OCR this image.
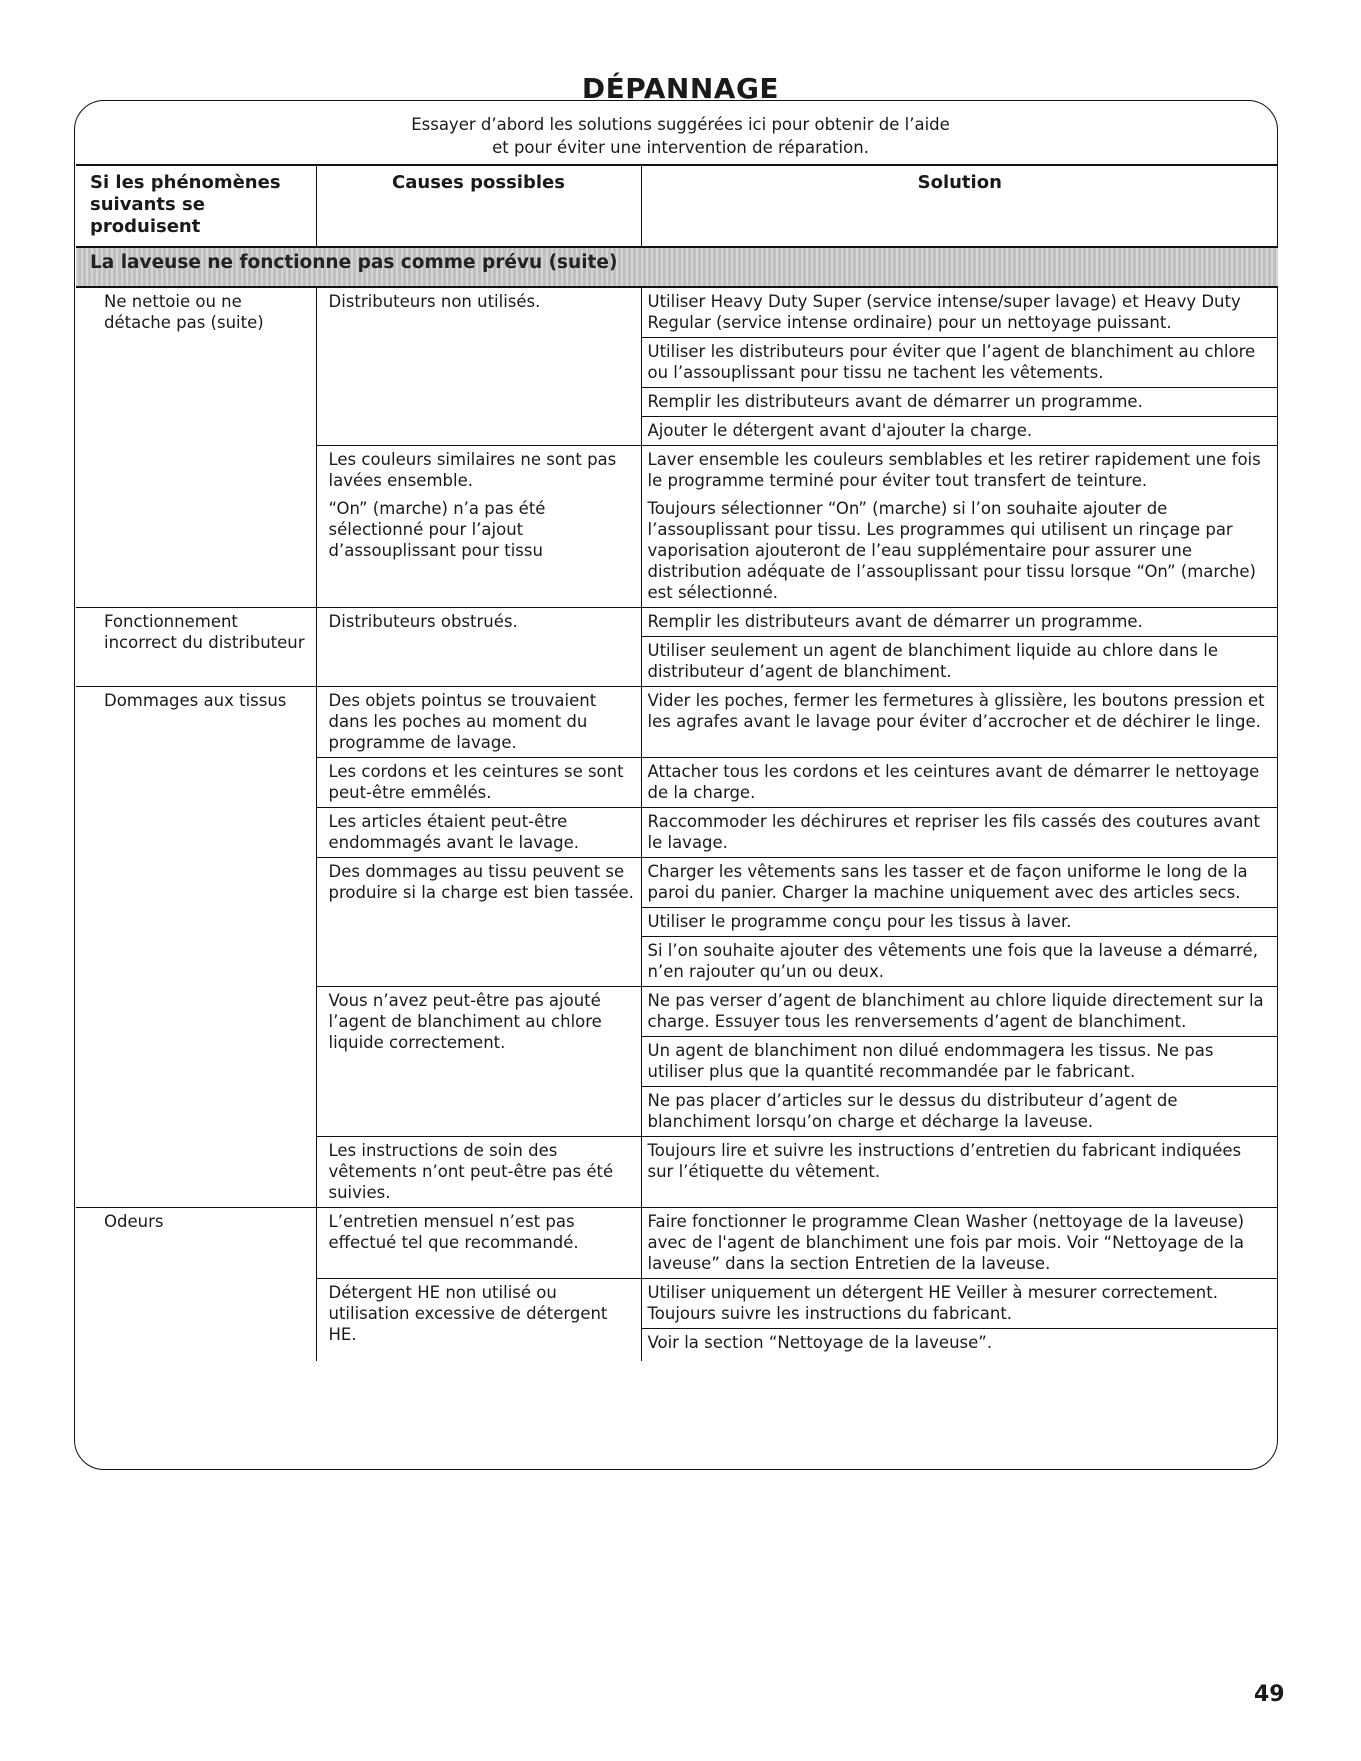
DÉPANNAGE
Essayer d’abord les solutions suggérées ici pour obtenir de l’aide
et pour éviter une intervention de réparation.
Si les phénomènes
suivants se produisent	Causes possibles	Solution
La laveuse ne fonctionne pas comme prévu (suite)		
Ne nettoie ou ne détache pas (suite)	Distributeurs non utilisés.	Utiliser Heavy Duty Super (service intense/super lavage) et Heavy Duty Regular (service intense ordinaire) pour un nettoyage puissant.
		Utiliser les distributeurs pour éviter que l’agent de blanchiment au chlore ou l’assouplissant pour tissu ne tachent les vêtements.
		Remplir les distributeurs avant de démarrer un programme.
		Ajouter le détergent avant d'ajouter la charge.
	Les couleurs similaires ne sont pas lavées ensemble.	Laver ensemble les couleurs semblables et les retirer rapidement une fois le programme terminé pour éviter tout transfert de teinture.
	“On” (marche) n’a pas été sélectionné pour l’ajout d’assouplissant pour tissu	Toujours sélectionner “On” (marche) si l’on souhaite ajouter de l’assouplissant pour tissu. Les programmes qui utilisent un rinçage par vaporisation ajouteront de l’eau supplémentaire pour assurer une distribution adéquate de l’assouplissant pour tissu lorsque “On” (marche) est sélectionné.
Fonctionnement incorrect du distributeur	Distributeurs obstrués.	Remplir les distributeurs avant de démarrer un programme.
		Utiliser seulement un agent de blanchiment liquide au chlore dans le distributeur d’agent de blanchiment.
Dommages aux tissus	Des objets pointus se trouvaient dans les poches au moment du programme de lavage.	Vider les poches, fermer les fermetures à glissière, les boutons pression et les agrafes avant le lavage pour éviter d’accrocher et de déchirer le linge.
	Les cordons et les ceintures se sont peut-être emmêlés.	Attacher tous les cordons et les ceintures avant de démarrer le nettoyage de la charge.
	Les articles étaient peut-être endommagés avant le lavage.	Raccommoder les déchirures et repriser les fils cassés des coutures avant le lavage.
	Des dommages au tissu peuvent se produire si la charge est bien tassée.	Charger les vêtements sans les tasser et de façon uniforme le long de la paroi du panier. Charger la machine uniquement avec des articles secs.
		Utiliser le programme conçu pour les tissus à laver.
		Si l’on souhaite ajouter des vêtements une fois que la laveuse a démarré, n’en rajouter qu’un ou deux.
	Vous n’avez peut-être pas ajouté l’agent de blanchiment au chlore liquide correctement.	Ne pas verser d’agent de blanchiment au chlore liquide directement sur la charge. Essuyer tous les renversements d’agent de blanchiment.
		Un agent de blanchiment non dilué endommagera les tissus. Ne pas utiliser plus que la quantité recommandée par le fabricant.
		Ne pas placer d’articles sur le dessus du distributeur d’agent de blanchiment lorsqu’on charge et décharge la laveuse.
	Les instructions de soin des vêtements n’ont peut-être pas été suivies.	Toujours lire et suivre les instructions d’entretien du fabricant indiquées sur l’étiquette du vêtement.
Odeurs	L’entretien mensuel n’est pas effectué tel que recommandé.	Faire fonctionner le programme Clean Washer (nettoyage de la laveuse) avec de l'agent de blanchiment une fois par mois. Voir “Nettoyage de la laveuse” dans la section Entretien de la laveuse.
	Détergent HE non utilisé ou utilisation excessive de détergent HE.	Utiliser uniquement un détergent HE Veiller à mesurer correctement. Toujours suivre les instructions du fabricant.
		Voir la section “Nettoyage de la laveuse”.
49
